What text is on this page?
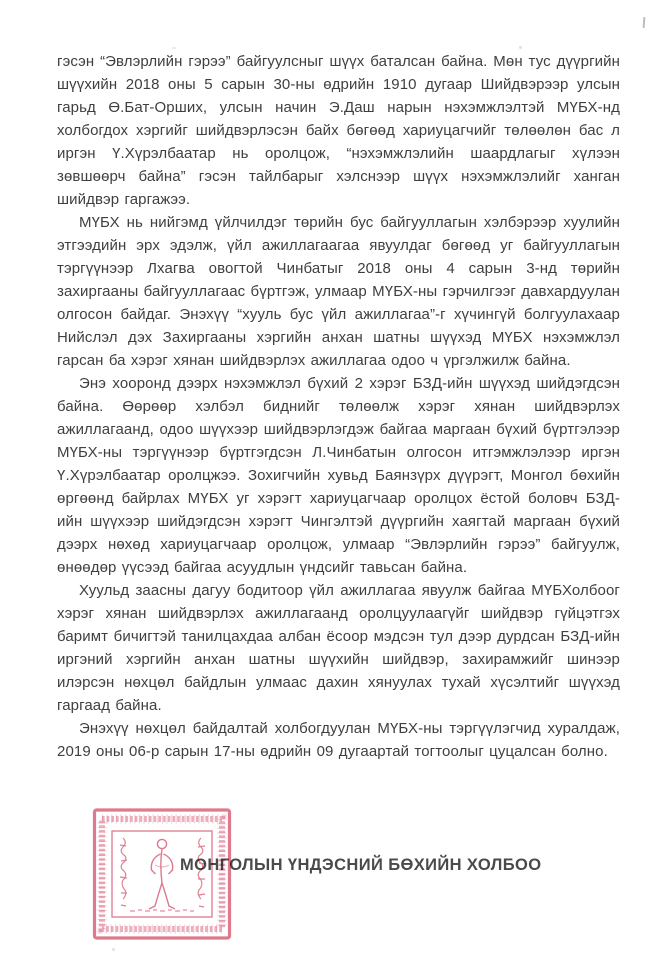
гэсэн “Эвлэрлийн гэрээ” байгуулсныг шүүх баталсан байна. Мөн тус дүүргийн шүүхийн 2018 оны 5 сарын 30-ны өдрийн 1910 дугаар Шийдвэрээр улсын гарьд Ө.Бат-Орших, улсын начин Э.Даш нарын нэхэмжлэлтэй МҮБХ-нд холбогдох хэргийг шийдвэрлэсэн байх бөгөөд хариуцагчийг төлөөлөн бас л иргэн Ү.Хүрэлбаатар нь оролцож, “нэхэмжлэлийн шаардлагыг хүлээн зөвшөөрч байна” гэсэн тайлбарыг хэлснээр шүүх нэхэмжлэлийг ханган шийдвэр гаргажээ.

МҮБХ нь нийгэмд үйлчилдэг төрийн бус байгууллагын хэлбэрээр хуулийн этгээдийн эрх эдэлж, үйл ажиллагаагаа явуулдаг бөгөөд уг байгууллагын тэргүүнээр Лхагва овогтой Чинбатыг 2018 оны 4 сарын 3-нд төрийн захиргааны байгууллагаас бүртгэж, улмаар МҮБХ-ны гэрчилгээг давхардуулан олгосон байдаг. Энэхүү “хууль бус үйл ажиллагаа”-г хүчингүй болгуулахаар Нийслэл дэх Захиргааны хэргийн анхан шатны шүүхэд МҮБХ нэхэмжлэл гарсан ба хэрэг хянан шийдвэрлэх ажиллагаа одоо ч үргэлжилж байна.

Энэ хооронд дээрх нэхэмжлэл бүхий 2 хэрэг БЗД-ийн шүүхэд шийдэгдсэн байна. Өөрөөр хэлбэл биднийг төлөөлж хэрэг хянан шийдвэрлэх ажиллагаанд, одоо шүүхээр шийдвэрлэгдэж байгаа маргаан бүхий бүртгэлээр МҮБХ-ны тэргүүнээр бүртгэгдсэн Л.Чинбатын олгосон итгэмжлэлээр иргэн Ү.Хүрэлбаатар оролцжээ. Зохигчийн хувьд Баянзүрх дүүрэгт, Монгол бөхийн өргөөнд байрлах МҮБХ уг хэрэгт хариуцагчаар оролцох ёстой боловч БЗД-ийн шүүхээр шийдэгдсэн хэрэгт Чингэлтэй дүүргийн хаягтай маргаан бүхий дээрх нөхөд хариуцагчаар оролцож, улмаар “Эвлэрлийн гэрээ” байгуулж, өнөөдөр үүсээд байгаа асуудлын үндсийг тавьсан байна.

Хуульд заасны дагуу бодитоор үйл ажиллагаа явуулж байгаа МҮБХолбоог хэрэг хянан шийдвэрлэх ажиллагаанд оролцуулаагүйг шийдвэр гүйцэтгэх баримт бичигтэй танилцахдаа албан ёсоор мэдсэн тул дээр дурдсан БЗД-ийн иргэний хэргийн анхан шатны шүүхийн шийдвэр, захирамжийг шинээр илэрсэн нөхцөл байдлын улмаас дахин хянуулах тухай хүсэлтийг шүүхэд гаргаад байна.

Энэхүү нөхцөл байдалтай холбогдуулан МҮБХ-ны тэргүүлэгчид хуралдаж, 2019 оны 06-р сарын 17-ны өдрийн 09 дугаартай тогтоолыг цуцалсан болно.

МОНГОЛЫН ҮНДЭСНИЙ БӨХИЙН ХОЛБОО
